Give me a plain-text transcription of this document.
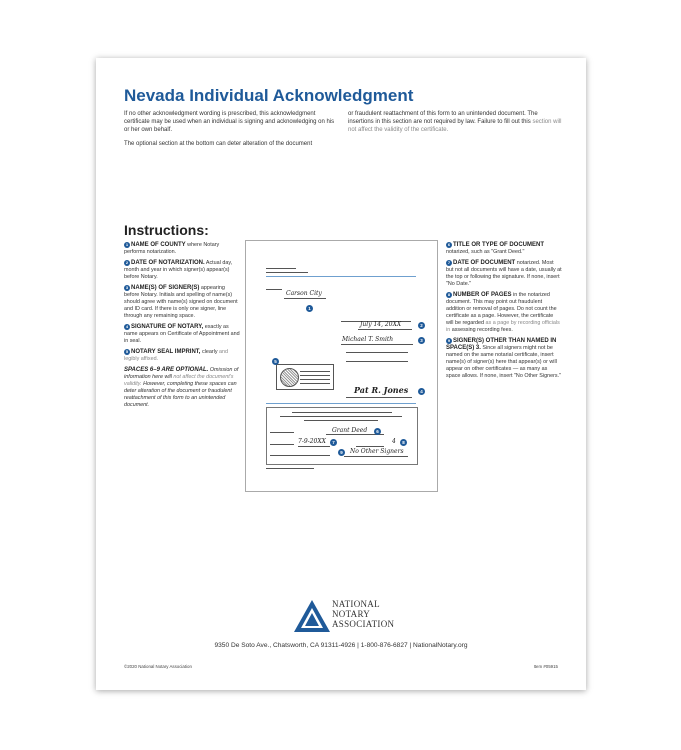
Nevada Individual Acknowledgment

If no other acknowledgment wording is prescribed, this acknowledgment certificate may be used when an individual is signing and acknowledging on his or her own behalf.

The optional section at the bottom can deter alteration of the document

or fraudulent reattachment of this form to an unintended document. The insertions in this section are not required by law. Failure to fill out this section will not affect the validity of the certificate.

Instructions:
1 NAME OF COUNTY where Notary performs notarization.
2 DATE OF NOTARIZATION. Actual day, month and year in which signer(s) appear(s) before Notary.
3 NAME(S) OF SIGNER(S) appearing before Notary. Initials and spelling of name(s) should agree with name(s) signed on document and ID card. If there is only one signer, line through any remaining space.
4 SIGNATURE OF NOTARY, exactly as name appears on Certificate of Appointment and in seal.
5 NOTARY SEAL IMPRINT, clearly and legibly affixed.
SPACES 6–9 ARE OPTIONAL. Omission of information here will not affect the document's validity. However, completing these spaces can deter alteration of the document or fraudulent reattachment of this form to an unintended document.
6 TITLE OR TYPE OF DOCUMENT notarized, such as "Grant Deed."
7 DATE OF DOCUMENT notarized. Most but not all documents will have a date, usually at the top or following the signature. If none, insert "No Date."
8 NUMBER OF PAGES in the notarized document. This may point out fraudulent addition or removal of pages. Do not count the certificate as a page. However, the certificate will be regarded as a page by recording officials in assessing recording fees.
9 SIGNER(S) OTHER THAN NAMED IN SPACE(S) 3. Since all signers might not be named on the same notarial certificate, insert name(s) of signer(s) here that appear(s) or will appear on other certificates — as many as space allows. If none, insert "No Other Signers."
Carson City
1
July 14, 20XX	2
Michael T. Smith	3
5
Pat R. Jones	4
Grant Deed	6
7-9-20XX	7	4	8
No Other Signers
9
NATIONAL
NOTARY
ASSOCIATION
9350 De Soto Ave., Chatsworth, CA 91311-4926 | 1-800-876-6827 | NationalNotary.org
©2020 National Notary Association	Item #05915
